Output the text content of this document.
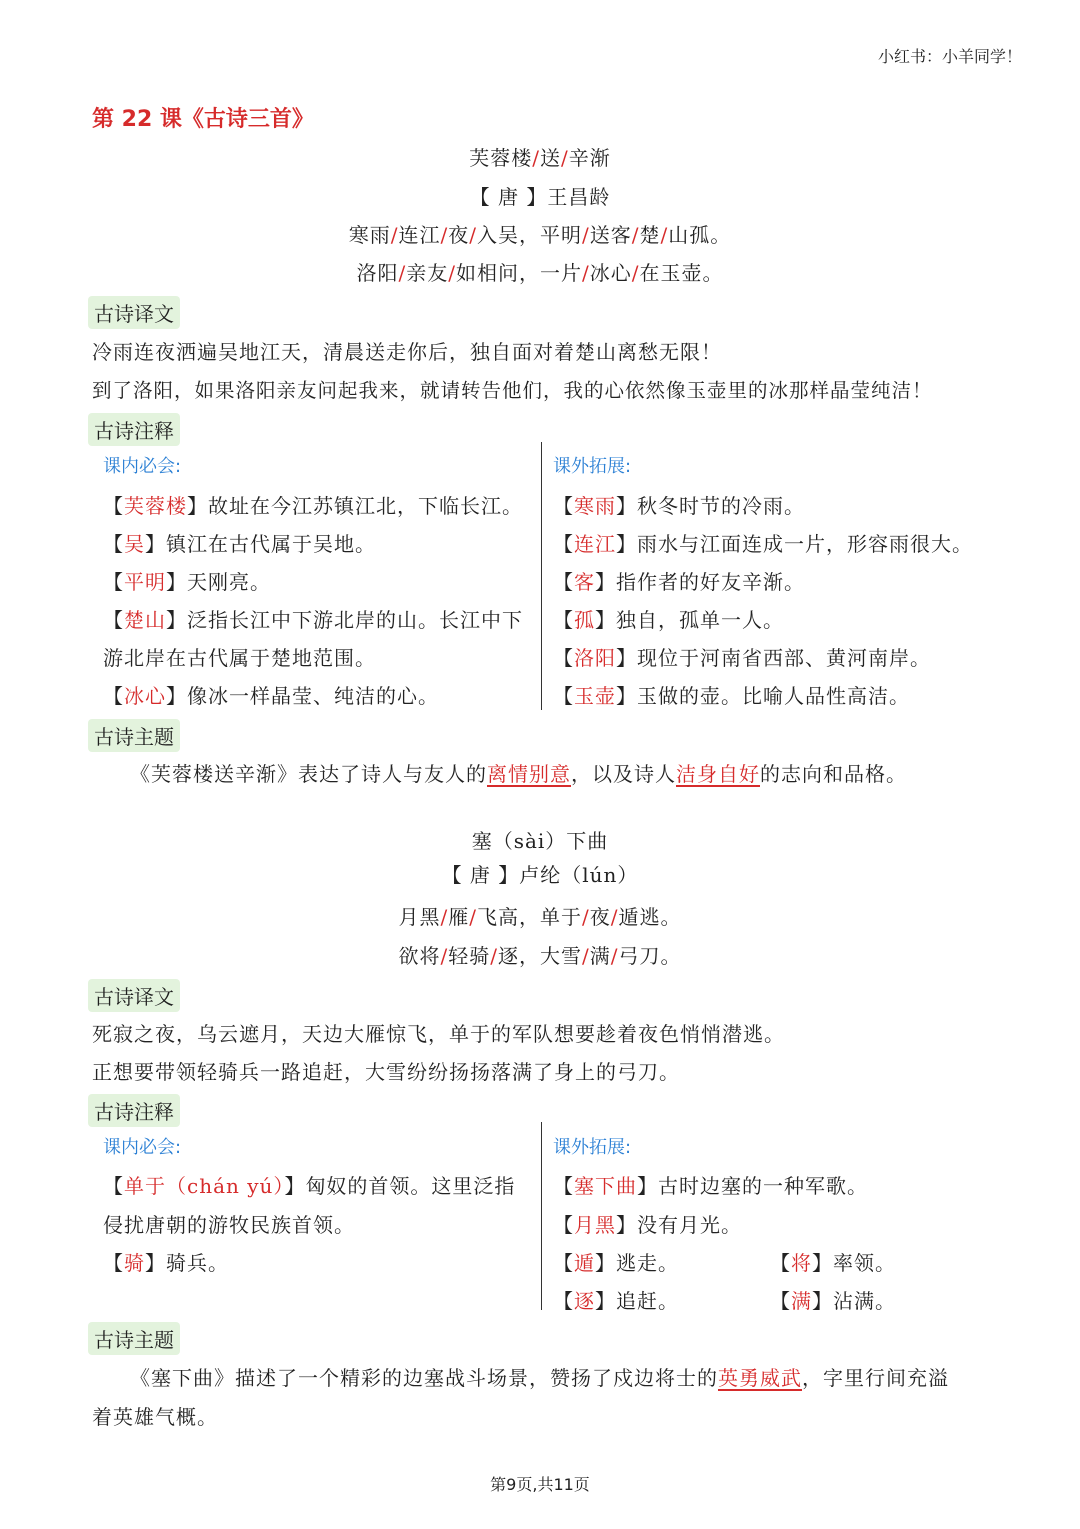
小红书：小羊同学！
第 22 课《古诗三首》
芙蓉楼/送/辛渐
【 唐 】王昌龄
寒雨/连江/夜/入吴，平明/送客/楚/山孤。
洛阳/亲友/如相问，一片/冰心/在玉壶。
古诗译文
冷雨连夜洒遍吴地江天，清晨送走你后，独自面对着楚山离愁无限！
到了洛阳，如果洛阳亲友问起我来，就请转告他们，我的心依然像玉壶里的冰那样晶莹纯洁！
古诗注释
课内必会:	课外拓展:
【芙蓉楼】故址在今江苏镇江北，下临长江。
【吴】镇江在古代属于吴地。
【平明】天刚亮。
【楚山】泛指长江中下游北岸的山。长江中下
游北岸在古代属于楚地范围。
【冰心】像冰一样晶莹、纯洁的心。
【寒雨】秋冬时节的冷雨。
【连江】雨水与江面连成一片，形容雨很大。
【客】指作者的好友辛渐。
【孤】独自，孤单一人。
【洛阳】现位于河南省西部、黄河南岸。
【玉壶】玉做的壶。比喻人品性高洁。
古诗主题
《芙蓉楼送辛渐》表达了诗人与友人的离情别意，以及诗人洁身自好的志向和品格。
塞（sài）下曲
【 唐 】卢纶（lún）
月黑/雁/飞高，单于/夜/遁逃。
欲将/轻骑/逐，大雪/满/弓刀。
古诗译文
死寂之夜，乌云遮月，天边大雁惊飞，单于的军队想要趁着夜色悄悄潜逃。
正想要带领轻骑兵一路追赶，大雪纷纷扬扬落满了身上的弓刀。
古诗注释
课内必会:	课外拓展:
【单于（chán yú）】匈奴的首领。这里泛指
侵扰唐朝的游牧民族首领。
【骑】骑兵。
【塞下曲】古时边塞的一种军歌。
【月黑】没有月光。
【遁】逃走。	【将】率领。
【逐】追赶。	【满】沾满。
古诗主题
《塞下曲》描述了一个精彩的边塞战斗场景，赞扬了戍边将士的英勇威武，字里行间充溢
着英雄气概。
第9页,共11页
